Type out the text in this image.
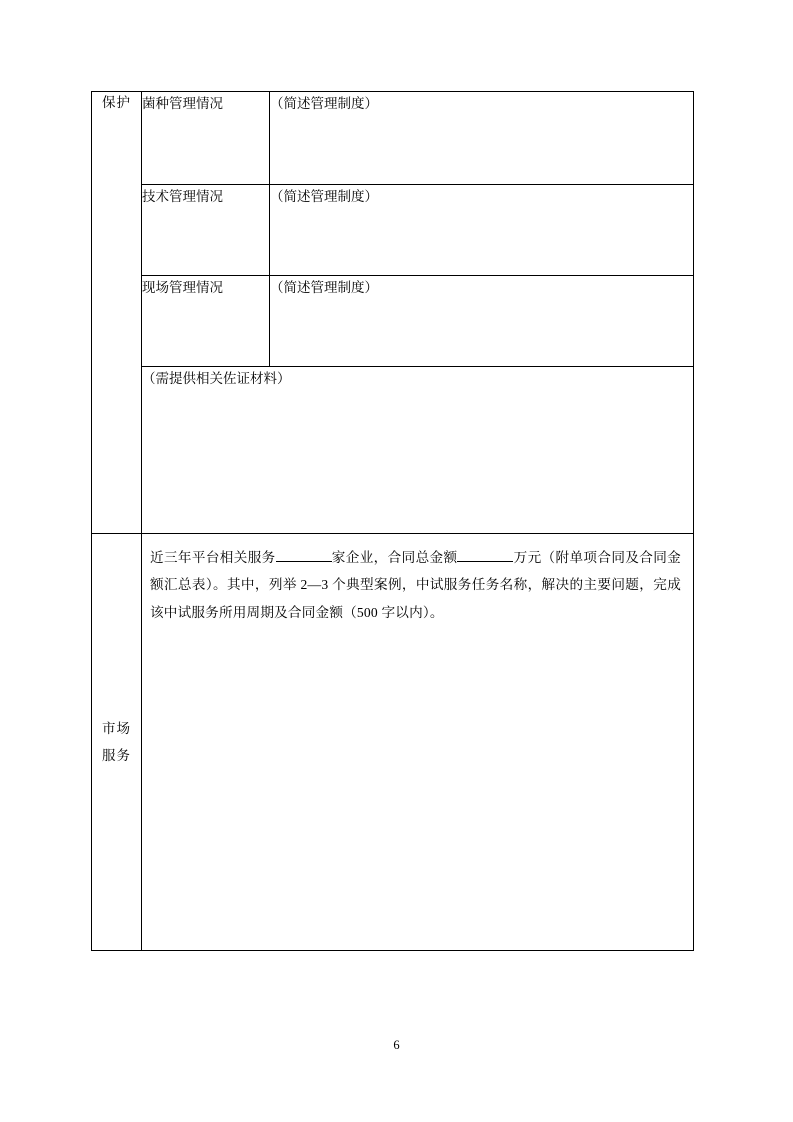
保护	菌种管理情况	（简述管理制度）
	技术管理情况	（简述管理制度）
	现场管理情况	（简述管理制度）
	（需提供相关佐证材料）	

市场
服务	近三年平台相关服务 家企业，合同总金额 万元（附单项合同及合同金额汇总表）。其中，列举 2—3 个典型案例，中试服务任务名称，解决的主要问题，完成该中试服务所用周期及合同金额（500 字以内）。	
6
